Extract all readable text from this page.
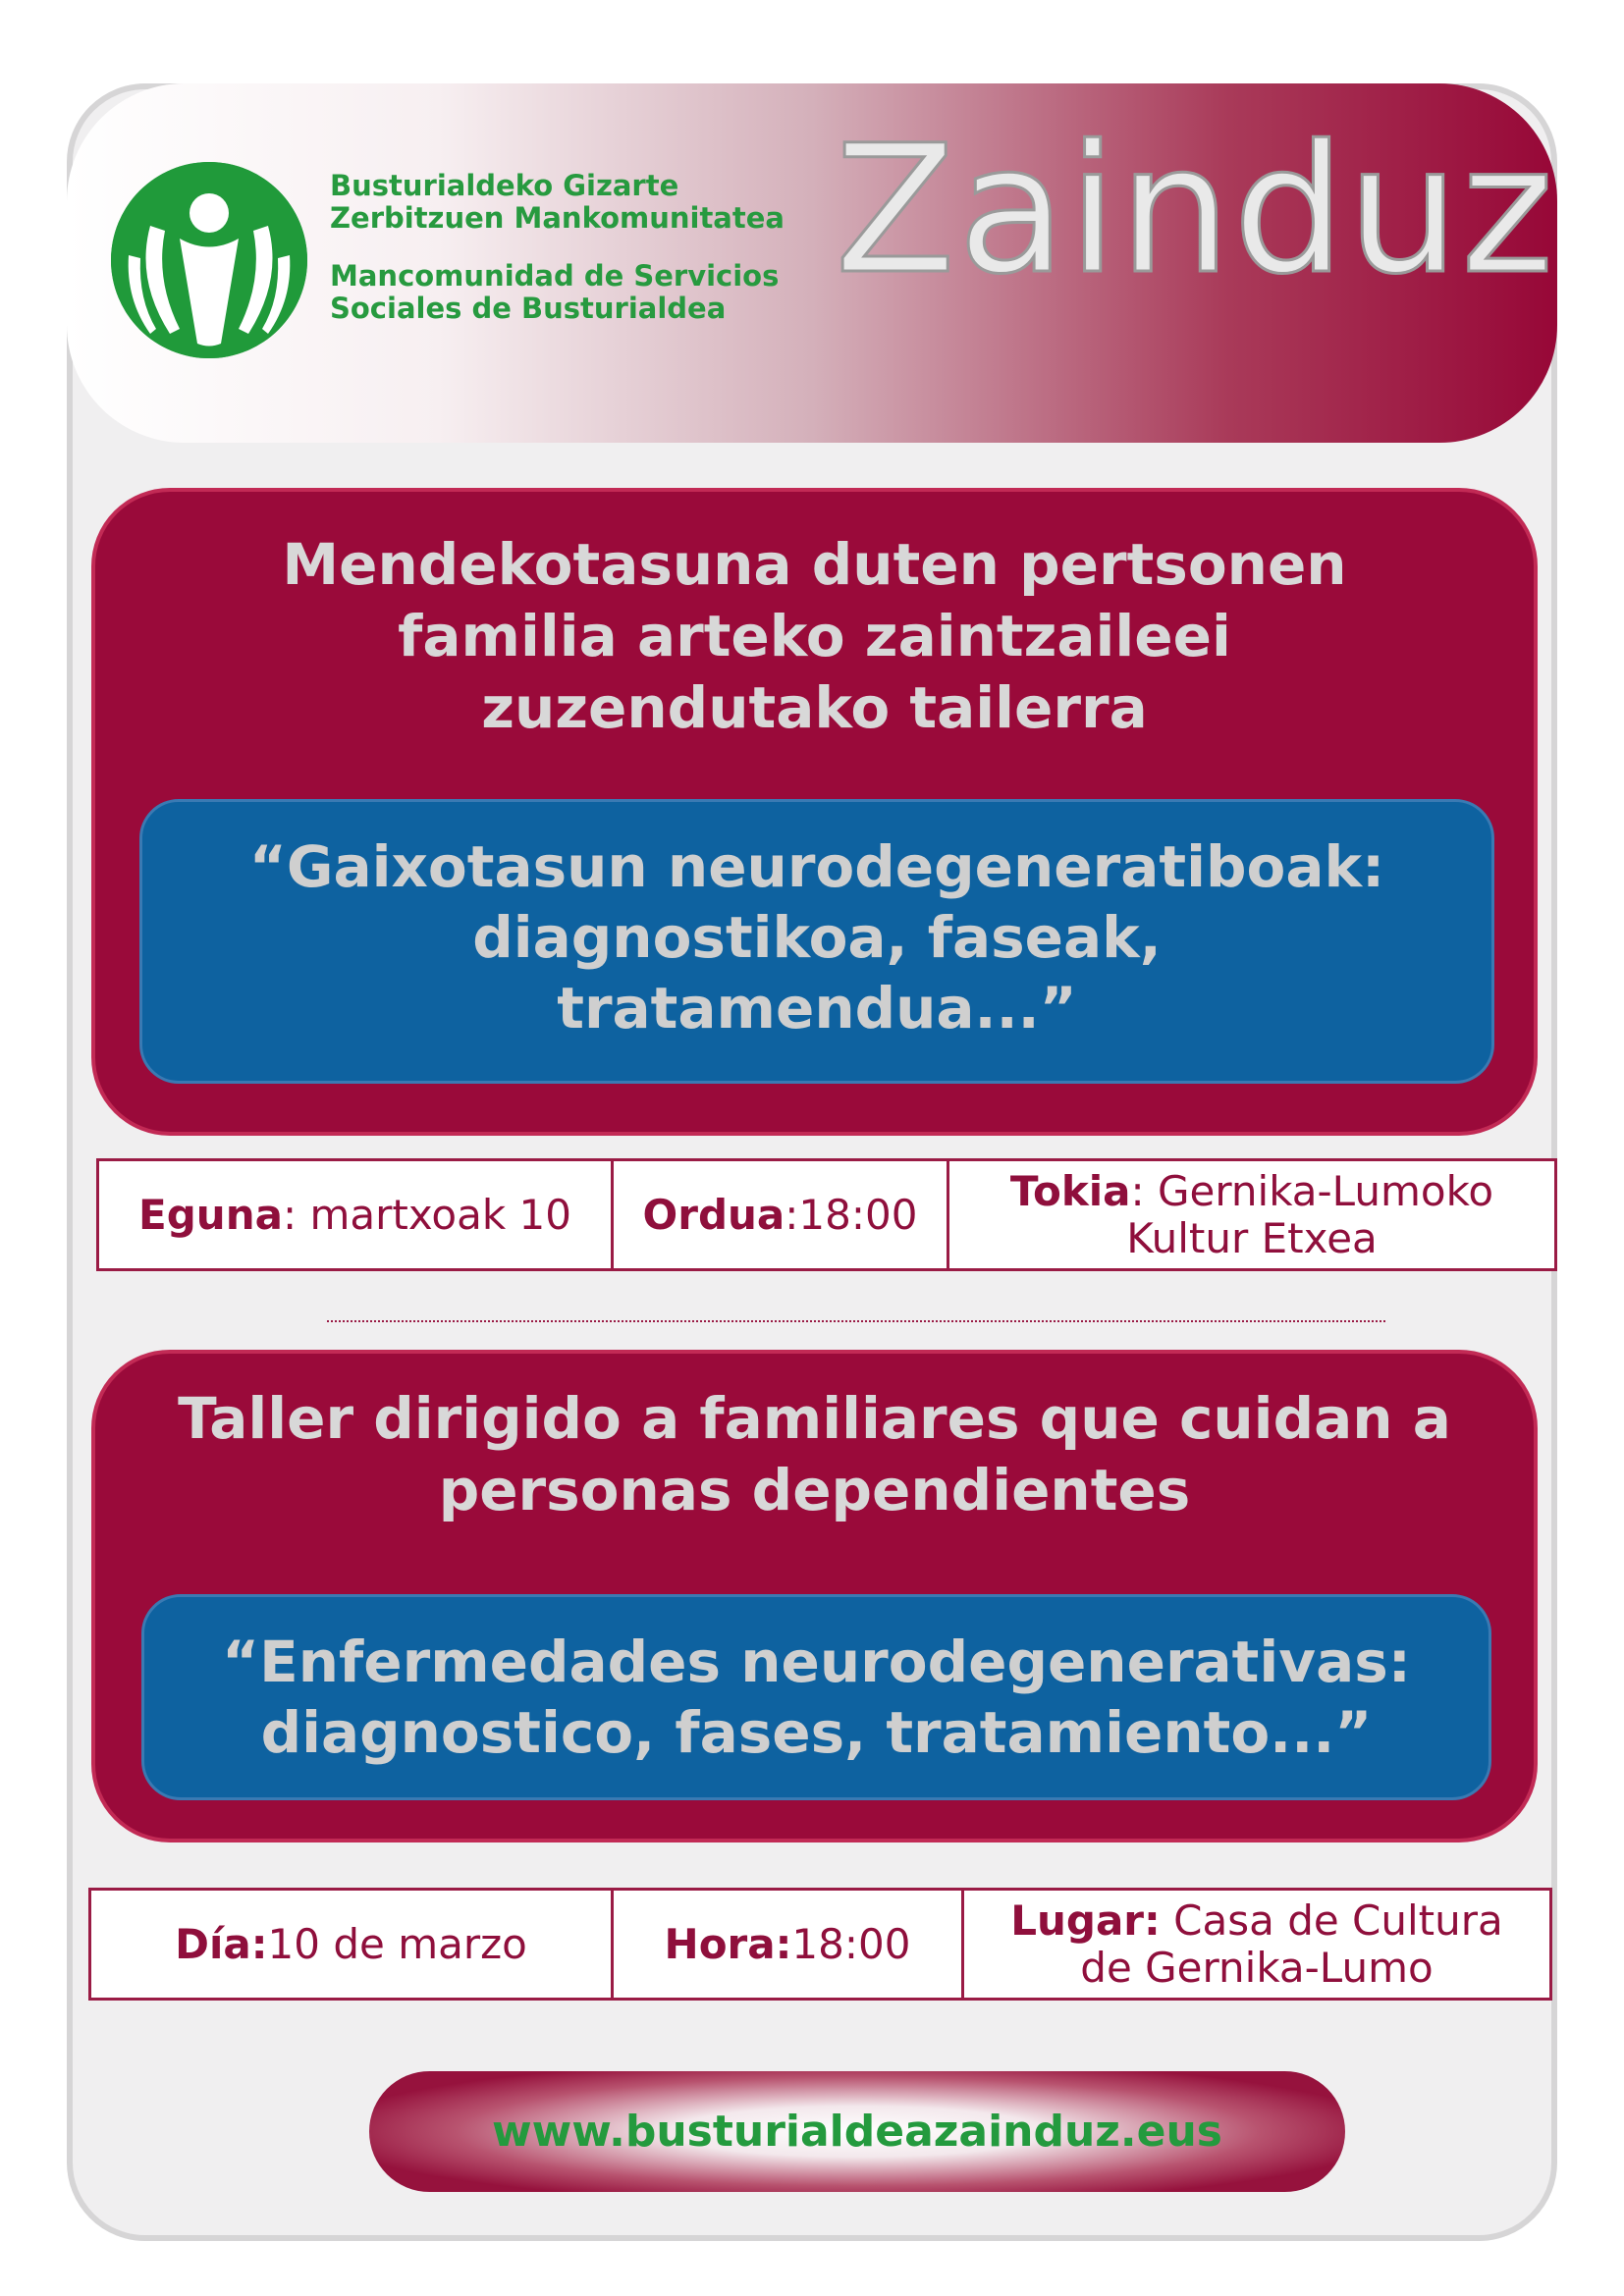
Busturialdeko Gizarte
Zerbitzuen Mankomunitatea
Mancomunidad de Servicios
Sociales de Busturialdea Zainduz
Mendekotasuna duten pertsonen
familia arteko zaintzaileei
zuzendutako tailerra
“Gaixotasun neurodegeneratiboak:
diagnostikoa, faseak,
tratamendua...”
Eguna: martxoak 10 Ordua:18:00 Tokia: Gernika-Lumoko
Kultur Etxea
Taller dirigido a familiares que cuidan a
personas dependientes
“Enfermedades neurodegenerativas:
diagnostico, fases, tratamiento...”
Día:10 de marzo	Hora:18:00 Lugar: Casa de Cultura
de Gernika-Lumo
www.busturialdeazainduz.eus
